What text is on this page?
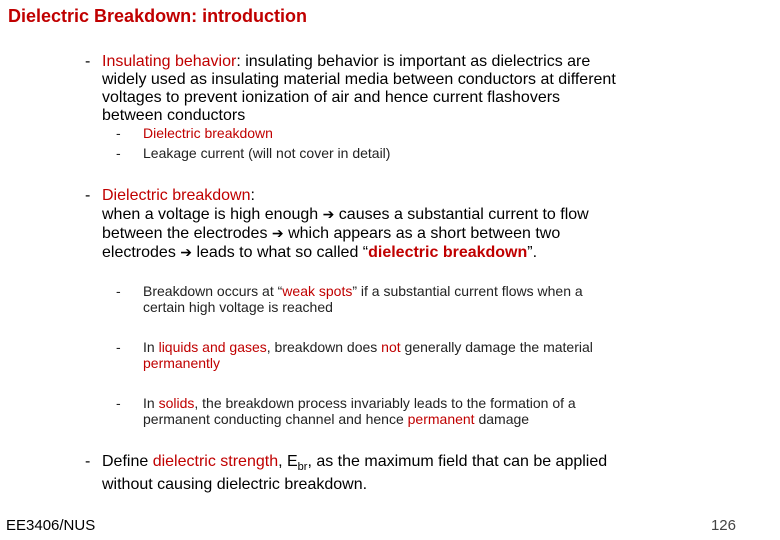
Dielectric Breakdown: introduction
- Insulating behavior: insulating behavior is important as dielectrics are
widely used as insulating material media between conductors at different
voltages to prevent ionization of air and hence current flashovers
between conductors
- Dielectric breakdown
- Leakage current (will not cover in detail)
- Dielectric breakdown:
when a voltage is high enough ➔ causes a substantial current to flow
between the electrodes ➔ which appears as a short between two
electrodes ➔ leads to what so called “dielectric breakdown”.
- Breakdown occurs at “weak spots” if a substantial current flows when a
certain high voltage is reached
- In liquids and gases, breakdown does not generally damage the material
permanently
- In solids, the breakdown process invariably leads to the formation of a
permanent conducting channel and hence permanent damage
- Define dielectric strength, $E_{br}$, as the maximum field that can be applied
without causing dielectric breakdown.
EE3406/NUS	126
